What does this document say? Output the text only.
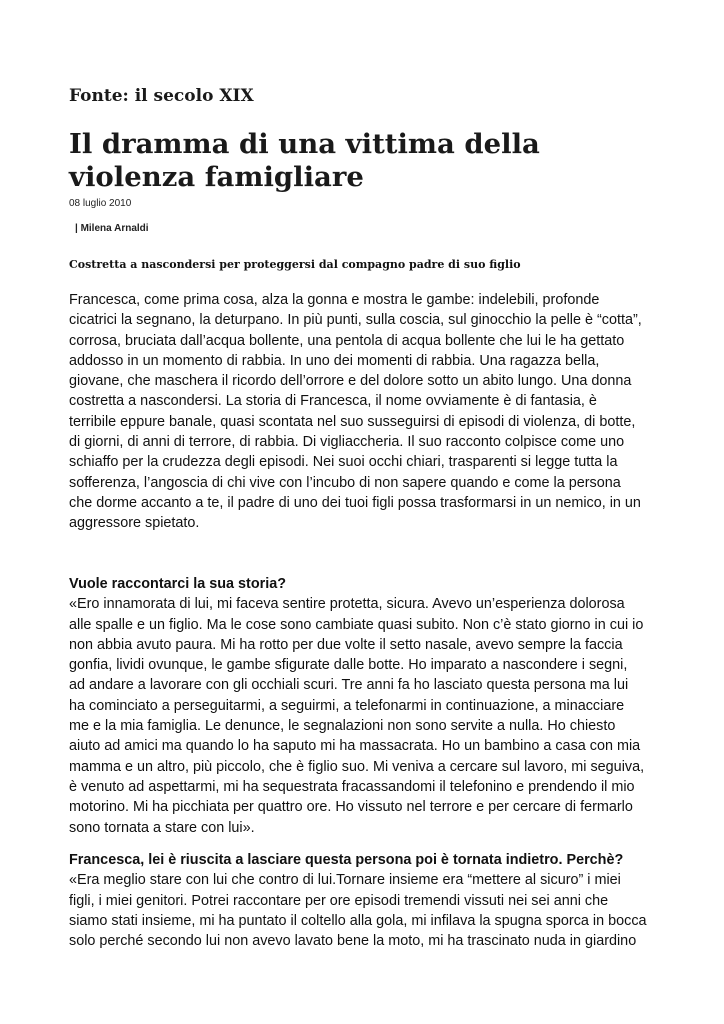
Fonte: il secolo XIX

Il dramma di una vittima della violenza famigliare

08 luglio 2010

| Milena Arnaldi

Costretta a nascondersi per proteggersi dal compagno padre di suo figlio

Francesca, come prima cosa, alza la gonna e mostra le gambe: indelebili, profonde
cicatrici la segnano, la deturpano. In più punti, sulla coscia, sul ginocchio la pelle è “cotta”,
corrosa, bruciata dall’acqua bollente, una pentola di acqua bollente che lui le ha gettato
addosso in un momento di rabbia. In uno dei momenti di rabbia. Una ragazza bella,
giovane, che maschera il ricordo dell’orrore e del dolore sotto un abito lungo. Una donna
costretta a nascondersi. La storia di Francesca, il nome ovviamente è di fantasia, è
terribile eppure banale, quasi scontata nel suo susseguirsi di episodi di violenza, di botte,
di giorni, di anni di terrore, di rabbia. Di vigliaccheria. Il suo racconto colpisce come uno
schiaffo per la crudezza degli episodi. Nei suoi occhi chiari, trasparenti si legge tutta la
sofferenza, l’angoscia di chi vive con l’incubo di non sapere quando e come la persona
che dorme accanto a te, il padre di uno dei tuoi figli possa trasformarsi in un nemico, in un
aggressore spietato.
Vuole raccontarci la sua storia?
«Ero innamorata di lui, mi faceva sentire protetta, sicura. Avevo un’esperienza dolorosa
alle spalle e un figlio. Ma le cose sono cambiate quasi subito. Non c’è stato giorno in cui io
non abbia avuto paura. Mi ha rotto per due volte il setto nasale, avevo sempre la faccia
gonfia, lividi ovunque, le gambe sfigurate dalle botte. Ho imparato a nascondere i segni,
ad andare a lavorare con gli occhiali scuri. Tre anni fa ho lasciato questa persona ma lui
ha cominciato a perseguitarmi, a seguirmi, a telefonarmi in continuazione, a minacciare
me e la mia famiglia. Le denunce, le segnalazioni non sono servite a nulla. Ho chiesto
aiuto ad amici ma quando lo ha saputo mi ha massacrata. Ho un bambino a casa con mia
mamma e un altro, più piccolo, che è figlio suo. Mi veniva a cercare sul lavoro, mi seguiva,
è venuto ad aspettarmi, mi ha sequestrata fracassandomi il telefonino e prendendo il mio
motorino. Mi ha picchiata per quattro ore. Ho vissuto nel terrore e per cercare di fermarlo
sono tornata a stare con lui».
Francesca, lei è riuscita a lasciare questa persona poi è tornata indietro. Perchè?
«Era meglio stare con lui che contro di lui.Tornare insieme era “mettere al sicuro” i miei
figli, i miei genitori. Potrei raccontare per ore episodi tremendi vissuti nei sei anni che
siamo stati insieme, mi ha puntato il coltello alla gola, mi infilava la spugna sporca in bocca
solo perché secondo lui non avevo lavato bene la moto, mi ha trascinato nuda in giardino
